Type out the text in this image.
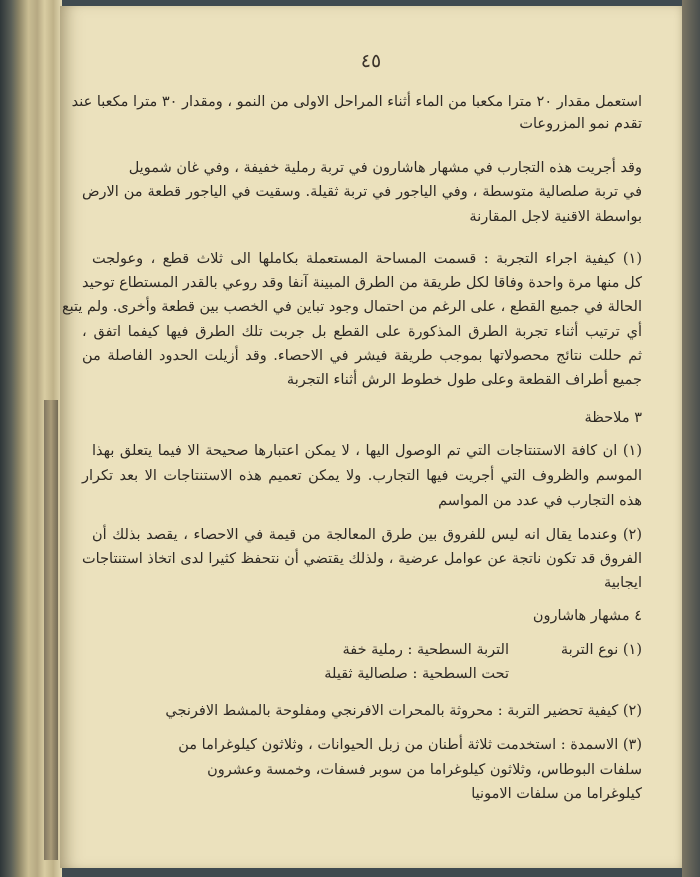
٤٥
استعمل مقدار ٢٠ مترا مكعبا من الماء أثناء المراحل الاولى من النمو ، ومقدار ٣٠ مترا مكعبا عند
تقدم نمو المزروعات
وقد أجريت هذه التجارب في مشهار هاشارون في تربة رملية خفيفة ، وفي غان شمويل
في تربة صلصالية متوسطة ، وفي الياجور في تربة ثقيلة. وسقيت في الياجور قطعة من الارض
بواسطة الاقنية لاجل المقارنة
(١) كيفية اجراء التجربة : قسمت المساحة المستعملة بكاملها الى ثلاث قطع ، وعولجت
كل منها مرة واحدة وفاقا لكل طريقة من الطرق المبينة آنفا وقد روعي بالقدر المستطاع توحيد
الحالة في جميع القطع ، على الرغم من احتمال وجود تباين في الخصب بين قطعة وأخرى. ولم يتبع
أي ترتيب أثناء تجربة الطرق المذكورة على القطع بل جربت تلك الطرق فيها كيفما اتفق ،
ثم حللت نتائج محصولاتها بموجب طريقة فيشر في الاحصاء. وقد أزيلت الحدود الفاصلة من
جميع أطراف القطعة وعلى طول خطوط الرش أثناء التجربة
٣ ملاحظة
(١) ان كافة الاستنتاجات التي تم الوصول اليها ، لا يمكن اعتبارها صحيحة الا فيما يتعلق بهذا
الموسم والظروف التي أجريت فيها التجارب. ولا يمكن تعميم هذه الاستنتاجات الا بعد تكرار
هذه التجارب في عدد من المواسم
(٢) وعندما يقال انه ليس للفروق بين طرق المعالجة من قيمة في الاحصاء ، يقصد بذلك أن
الفروق قد تكون ناتجة عن عوامل عرضية ، ولذلك يقتضي أن نتحفظ كثيرا لدى اتخاذ استنتاجات
ايجابية
٤ مشهار هاشارون
(١) نوع التربة
التربة السطحية : رملية خفة
تحت السطحية : صلصالية ثقيلة
(٢) كيفية تحضير التربة : محروثة بالمحرات الافرنجي ومفلوحة بالمشط الافرنجي
(٣) الاسمدة : استخدمت ثلاثة أطنان من زبل الحيوانات ، وثلاثون كيلوغراما من
سلفات البوطاس، وثلاثون كيلوغراما من سوبر فسفات، وخمسة وعشرون
كيلوغراما من سلفات الامونيا
